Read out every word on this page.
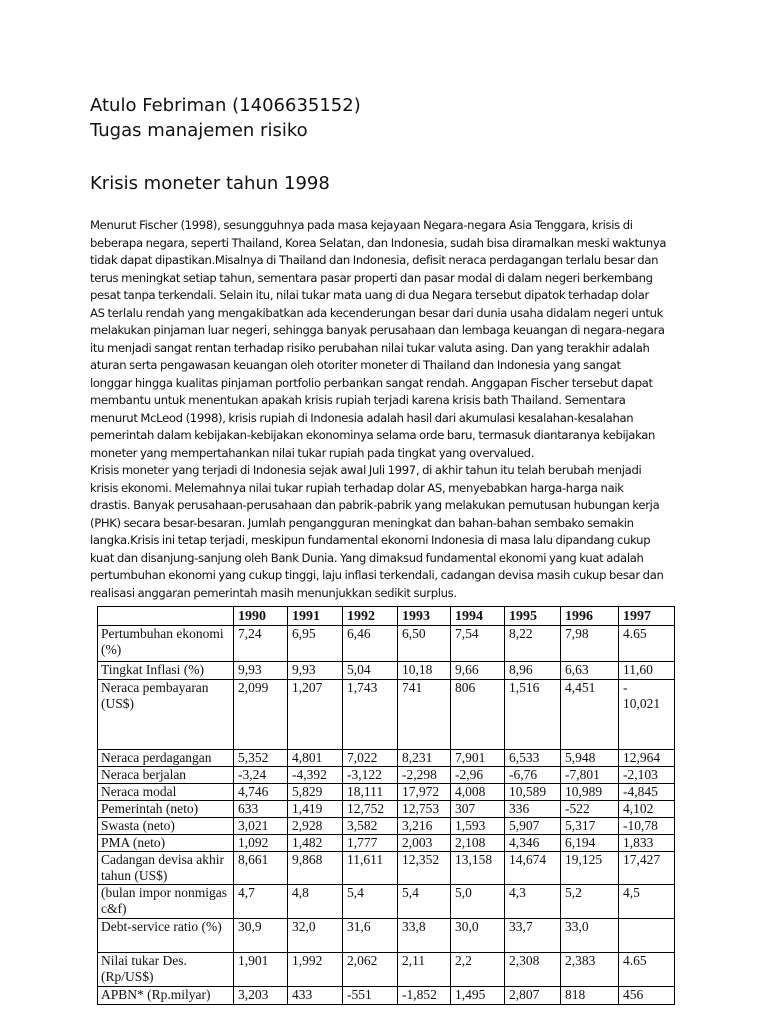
Atulo Febriman (1406635152)
Tugas manajemen risiko
Krisis moneter tahun 1998
Menurut Fischer (1998), sesungguhnya pada masa kejayaan Negara-negara Asia Tenggara, krisis di
beberapa negara, seperti Thailand, Korea Selatan, dan Indonesia, sudah bisa diramalkan meski waktunya
tidak dapat dipastikan.Misalnya di Thailand dan Indonesia, defisit neraca perdagangan terlalu besar dan
terus meningkat setiap tahun, sementara pasar properti dan pasar modal di dalam negeri berkembang
pesat tanpa terkendali. Selain itu, nilai tukar mata uang di dua Negara tersebut dipatok terhadap dolar
AS terlalu rendah yang mengakibatkan ada kecenderungan besar dari dunia usaha didalam negeri untuk
melakukan pinjaman luar negeri, sehingga banyak perusahaan dan lembaga keuangan di negara-negara
itu menjadi sangat rentan terhadap risiko perubahan nilai tukar valuta asing. Dan yang terakhir adalah
aturan serta pengawasan keuangan oleh otoriter moneter di Thailand dan Indonesia yang sangat
longgar hingga kualitas pinjaman portfolio perbankan sangat rendah. Anggapan Fischer tersebut dapat
membantu untuk menentukan apakah krisis rupiah terjadi karena krisis bath Thailand. Sementara
menurut McLeod (1998), krisis rupiah di Indonesia adalah hasil dari akumulasi kesalahan-kesalahan
pemerintah dalam kebijakan-kebijakan ekonominya selama orde baru, termasuk diantaranya kebijakan
moneter yang mempertahankan nilai tukar rupiah pada tingkat yang overvalued.
Krisis moneter yang terjadi di Indonesia sejak awal Juli 1997, di akhir tahun itu telah berubah menjadi
krisis ekonomi. Melemahnya nilai tukar rupiah terhadap dolar AS, menyebabkan harga-harga naik
drastis. Banyak perusahaan-perusahaan dan pabrik-pabrik yang melakukan pemutusan hubungan kerja
(PHK) secara besar-besaran. Jumlah pengangguran meningkat dan bahan-bahan sembako semakin
langka.Krisis ini tetap terjadi, meskipun fundamental ekonomi Indonesia di masa lalu dipandang cukup
kuat dan disanjung-sanjung oleh Bank Dunia. Yang dimaksud fundamental ekonomi yang kuat adalah
pertumbuhan ekonomi yang cukup tinggi, laju inflasi terkendali, cadangan devisa masih cukup besar dan
realisasi anggaran pemerintah masih menunjukkan sedikit surplus.
	1990	1991	1992	1993	1994	1995	1996	1997
Pertumbuhan ekonomi (%)	7,24	6,95	6,46	6,50	7,54	8,22	7,98	4.65
Tingkat Inflasi (%)	9,93	9,93	5,04	10,18	9,66	8,96	6,63	11,60
Neraca pembayaran (US$)	2,099	1,207	1,743	741	806	1,516	4,451	-
10,021
Neraca perdagangan	5,352	4,801	7,022	8,231	7,901	6,533	5,948	12,964
Neraca berjalan	-3,24	-4,392	-3,122	-2,298	-2,96	-6,76	-7,801	-2,103
Neraca modal	4,746	5,829	18,111	17,972	4,008	10,589	10,989	-4,845
Pemerintah (neto)	633	1,419	12,752	12,753	307	336	-522	4,102
Swasta (neto)	3,021	2,928	3,582	3,216	1,593	5,907	5,317	-10,78
PMA (neto)	1,092	1,482	1,777	2,003	2,108	4,346	6,194	1,833
Cadangan devisa akhir tahun (US$)	8,661	9,868	11,611	12,352	13,158	14,674	19,125	17,427
(bulan impor nonmigas c&f)	4,7	4,8	5,4	5,4	5,0	4,3	5,2	4,5
Debt-service ratio (%)	30,9	32,0	31,6	33,8	30,0	33,7	33,0	
Nilai tukar Des. (Rp/US$)	1,901	1,992	2,062	2,11	2,2	2,308	2,383	4.65
APBN* (Rp.milyar)	3,203	433	-551	-1,852	1,495	2,807	818	456
